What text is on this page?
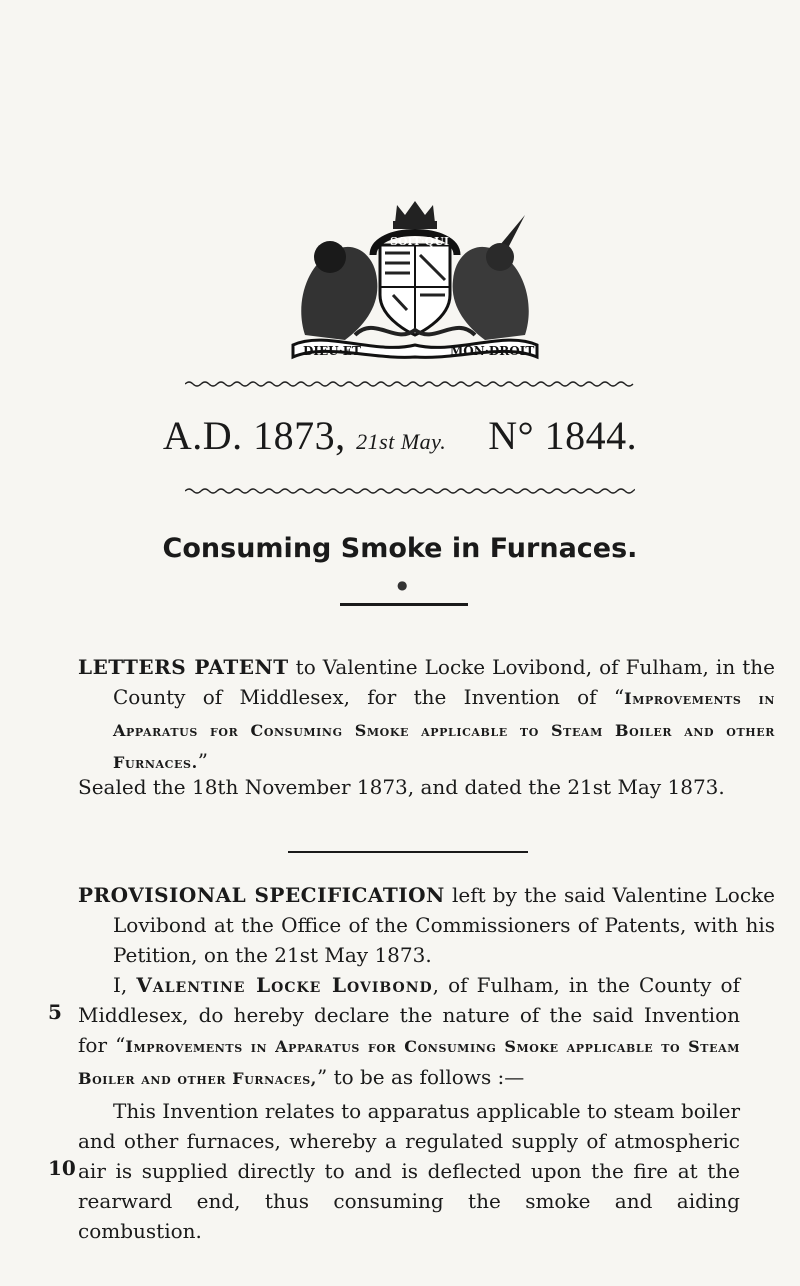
SOIT·QUI
DIEU·ET	MON·DROIT
A.D. 1873, 21st May. N° 1844.
Consuming Smoke in Furnaces.
●
LETTERS PATENT to Valentine Locke Lovibond, of Fulham, in the County of Middlesex, for the Invention of “Improvements in Apparatus for Consuming Smoke applicable to Steam Boiler and other Furnaces.”
Sealed the 18th November 1873, and dated the 21st May 1873.
PROVISIONAL SPECIFICATION left by the said Valentine Locke Lovibond at the Office of the Commissioners of Patents, with his Petition, on the 21st May 1873.
I, Valentine Locke Lovibond, of Fulham, in the County of Middlesex, do hereby declare the nature of the said Invention for “Improvements in Apparatus for Consuming Smoke applicable to Steam Boiler and other Furnaces,” to be as follows :—
This Invention relates to apparatus applicable to steam boiler and other furnaces, whereby a regulated supply of atmospheric air is supplied directly to and is deflected upon the fire at the rearward end, thus consuming the smoke and aiding combustion.
5
10
